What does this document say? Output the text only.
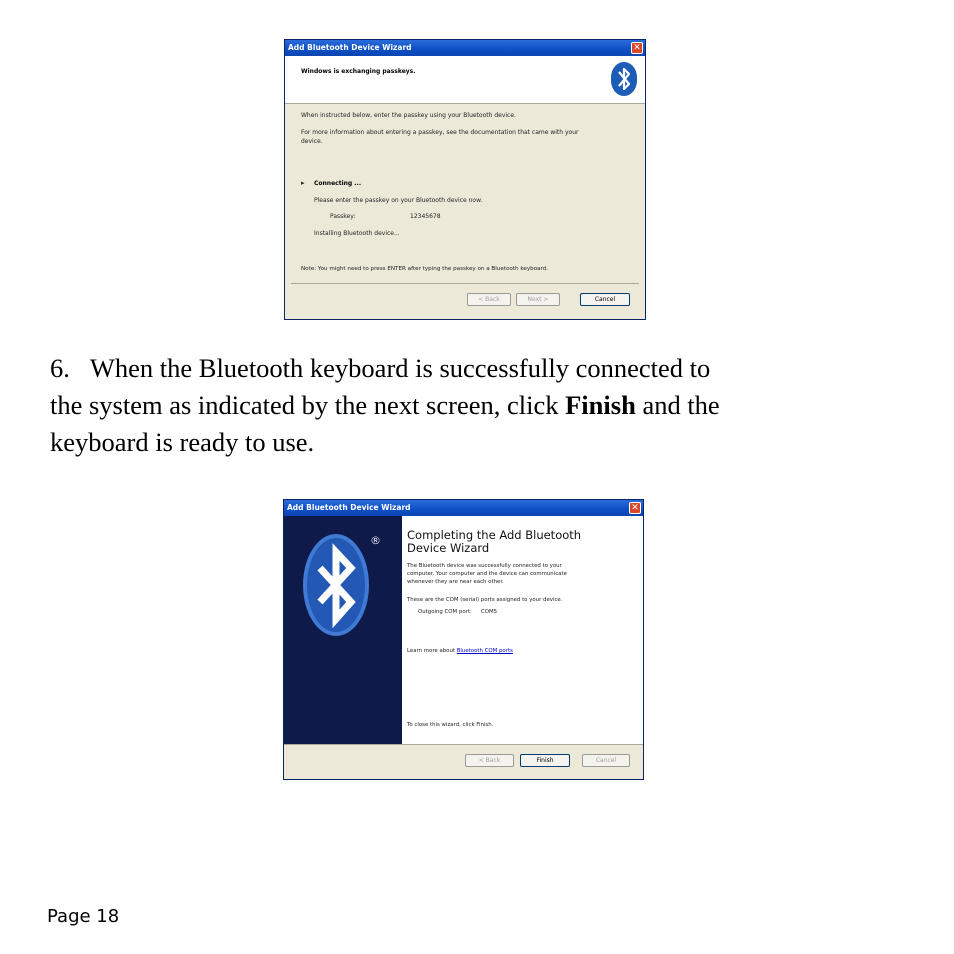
Add Bluetooth Device Wizard	✕
Windows is exchanging passkeys.
When instructed below, enter the passkey using your Bluetooth device.
For more information about entering a passkey, see the documentation that came with your
device.
▸ Connecting ...
Please enter the passkey on your Bluetooth device now.
Passkey:	12345678
Installing Bluetooth device...
Note: You might need to press ENTER after typing the passkey on a Bluetooth keyboard.
< Back	Next >	Cancel
6. When the Bluetooth keyboard is successfully connected to
the system as indicated by the next screen, click Finish and the
keyboard is ready to use.
Add Bluetooth Device Wizard	✕
® Completing the Add Bluetooth
Device Wizard
The Bluetooth device was successfully connected to your
computer. Your computer and the device can communicate
whenever they are near each other.
These are the COM (serial) ports assigned to your device.
Outgoing COM port: COM5
Learn more about Bluetooth COM ports
To close this wizard, click Finish.
< Back	Finish	Cancel
Page 18
